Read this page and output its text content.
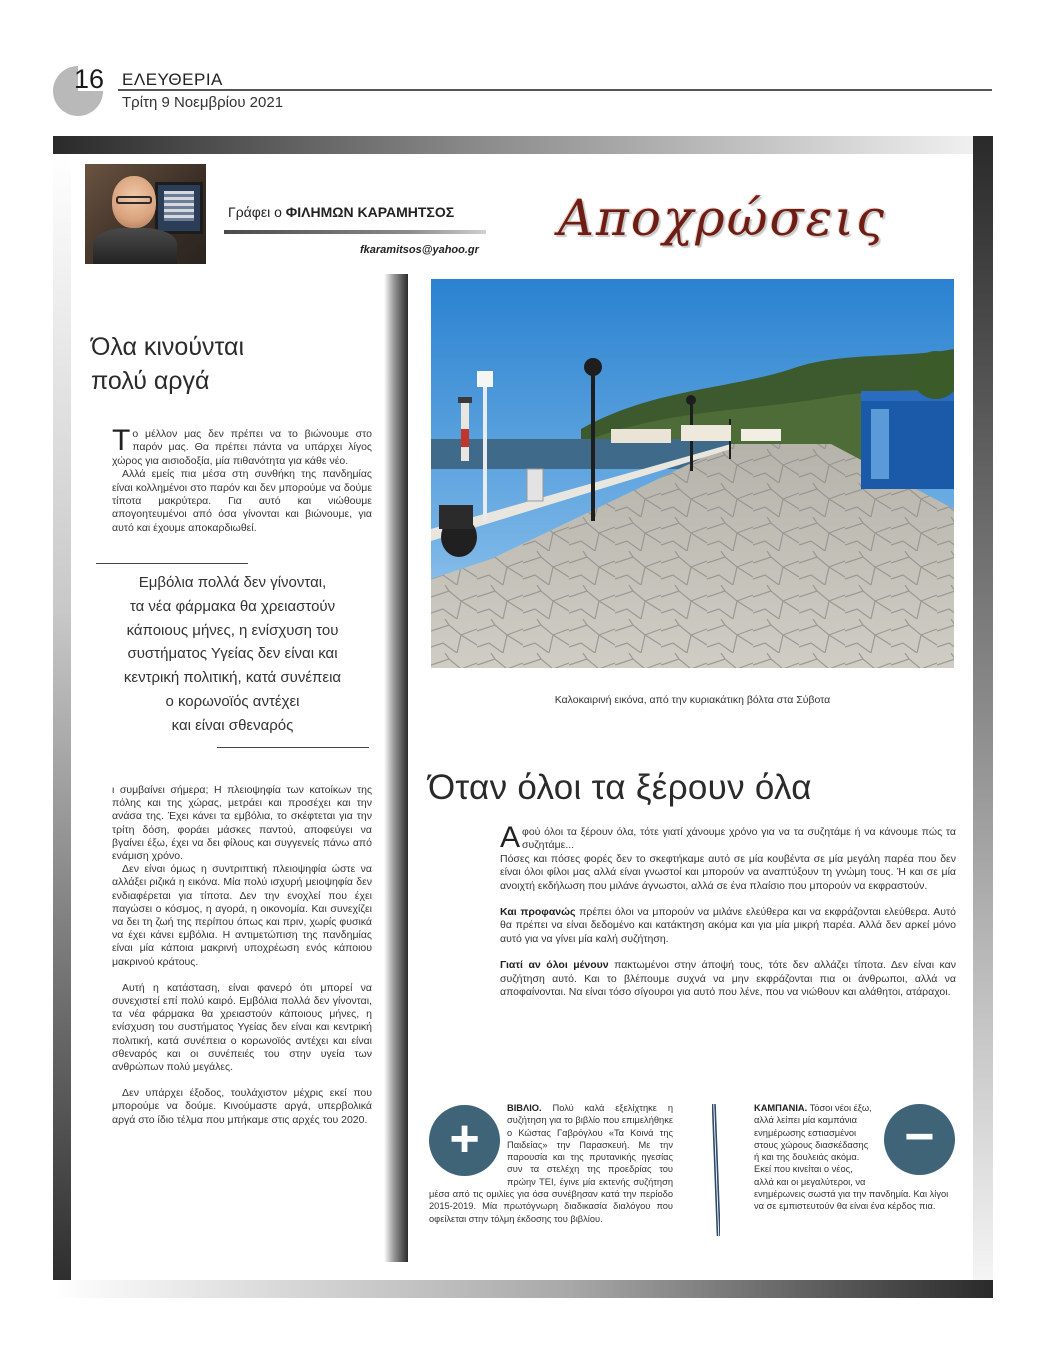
16 ΕΛΕΥΘΕΡΙΑ
Τρίτη 9 Νοεμβρίου 2021
Γράφει ο ΦΙΛΗΜΩΝ ΚΑΡΑΜΗΤΣΟΣ
fkaramitsos@yahoo.gr
Αποχρώσεις
Όλα κινούνται
πολύ αργά

Το μέλλον μας δεν πρέπει να το βιώνουμε στο παρόν μας. Θα πρέπει πάντα να υπάρχει λίγος χώρος για αισιοδοξία, μία πιθανότητα για κάθε νέο.

Αλλά εμείς πια μέσα στη συνθήκη της πανδημίας είναι κολλημένοι στο παρόν και δεν μπορούμε να δούμε τίποτα μακρύτερα. Για αυτό και νιώθουμε απογοητευμένοι από όσα γίνονται και βιώνουμε, για αυτό και έχουμε αποκαρδιωθεί.

Εμβόλια πολλά δεν γίνονται,
τα νέα φάρμακα θα χρειαστούν
κάποιους μήνες, η ενίσχυση του
συστήματος Υγείας δεν είναι και
κεντρική πολιτική, κατά συνέπεια
ο κορωνοϊός αντέχει
και είναι σθεναρός

ι συμβαίνει σήμερα; Η πλειοψηφία των κατοίκων της πόλης και της χώρας, μετράει και προσέχει και την ανάσα της. Έχει κάνει τα εμβόλια, το σκέφτεται για την τρίτη δόση, φοράει μάσκες παντού, αποφεύγει να βγαίνει έξω, έχει να δει φίλους και συγγενείς πάνω από ενάμιση χρόνο.

Δεν είναι όμως η συντριπτική πλειοψηφία ώστε να αλλάξει ριζικά η εικόνα. Μία πολύ ισχυρή μειοψηφία δεν ενδιαφέρεται για τίποτα. Δεν την ενοχλεί που έχει παγώσει ο κόσμος, η αγορά, η οικονομία. Και συνεχίζει να δει τη ζωή της περίπου όπως και πριν, χωρίς φυσικά να έχει κάνει εμβόλια. Η αντιμετώπιση της πανδημίας είναι μία κάποια μακρινή υποχρέωση ενός κάποιου μακρινού κράτους.

Αυτή η κατάσταση, είναι φανερό ότι μπορεί να συνεχιστεί επί πολύ καιρό. Εμβόλια πολλά δεν γίνονται, τα νέα φάρμακα θα χρειαστούν κάποιους μήνες, η ενίσχυση του συστήματος Υγείας δεν είναι και κεντρική πολιτική, κατά συνέπεια ο κορωνοϊός αντέχει και είναι σθεναρός και οι συνέπειές του στην υγεία των ανθρώπων πολύ μεγάλες.

Δεν υπάρχει έξοδος, τουλάχιστον μέχρις εκεί που μπορούμε να δούμε. Κινούμαστε αργά, υπερβολικά αργά στο ίδιο τέλμα που μπήκαμε στις αρχές του 2020.

Καλοκαιρινή εικόνα, από την κυριακάτικη βόλτα στα Σύβοτα
Όταν όλοι τα ξέρουν όλα

Αφού όλοι τα ξέρουν όλα, τότε γιατί χάνουμε χρόνο για να τα συζητάμε ή να κάνουμε πώς τα συζητάμε...

Πόσες και πόσες φορές δεν το σκεφτήκαμε αυτό σε μία κουβέντα σε μία μεγάλη παρέα που δεν είναι όλοι φίλοι μας αλλά είναι γνωστοί και μπορούν να αναπτύξουν τη γνώμη τους. Ή και σε μία ανοιχτή εκδήλωση που μιλάνε άγνωστοι, αλλά σε ένα πλαίσιο που μπορούν να εκφραστούν.

Και προφανώς πρέπει όλοι να μπορούν να μιλάνε ελεύθερα και να εκφράζονται ελεύθερα. Αυτό θα πρέπει να είναι δεδομένο και κατάκτηση ακόμα και για μία μικρή παρέα. Αλλά δεν αρκεί μόνο αυτό για να γίνει μία καλή συζήτηση.

Γιατί αν όλοι μένουν πακτωμένοι στην άποψή τους, τότε δεν αλλάζει τίποτα. Δεν είναι καν συζήτηση αυτό. Και το βλέπουμε συχνά να μην εκφράζονται πια οι άνθρωποι, αλλά να αποφαίνονται. Να είναι τόσο σίγουροι για αυτό που λένε, που να νιώθουν και αλάθητοι, ατάραχοι.

ΒΙΒΛΙΟ. Πολύ καλά εξελίχτηκε η συζήτηση για το βιβλίο που επιμελήθηκε ο Κώστας Γαβρόγλου «Τα Κοινά της Παιδείας» την Παρασκευή. Με την παρουσία και της πρυτανικής ηγεσίας συν τα στελέχη της προεδρίας του πρώην ΤΕΙ, έγινε μία εκτενής συζήτηση μέσα από τις ομιλίες για όσα συνέβησαν κατά την περίοδο 2015-2019. Μία πρωτόγνωρη διαδικασία διαλόγου που οφείλεται στην τόλμη έκδοσης του βιβλίου.
+
ΚΑΜΠΑΝΙΑ. Τόσοι νέοι έξω, αλλά λείπει μία καμπάνια ενημέρωσης εστιασμένοι στους χώρους διασκέδασης ή και της δουλειάς ακόμα. Εκεί που κινείται ο νέος, αλλά και οι μεγαλύτεροι, να ενημέρωνεις σωστά για την πανδημία. Και λίγοι να σε εμπιστευτούν θα είναι ένα κέρδος πια.
−
